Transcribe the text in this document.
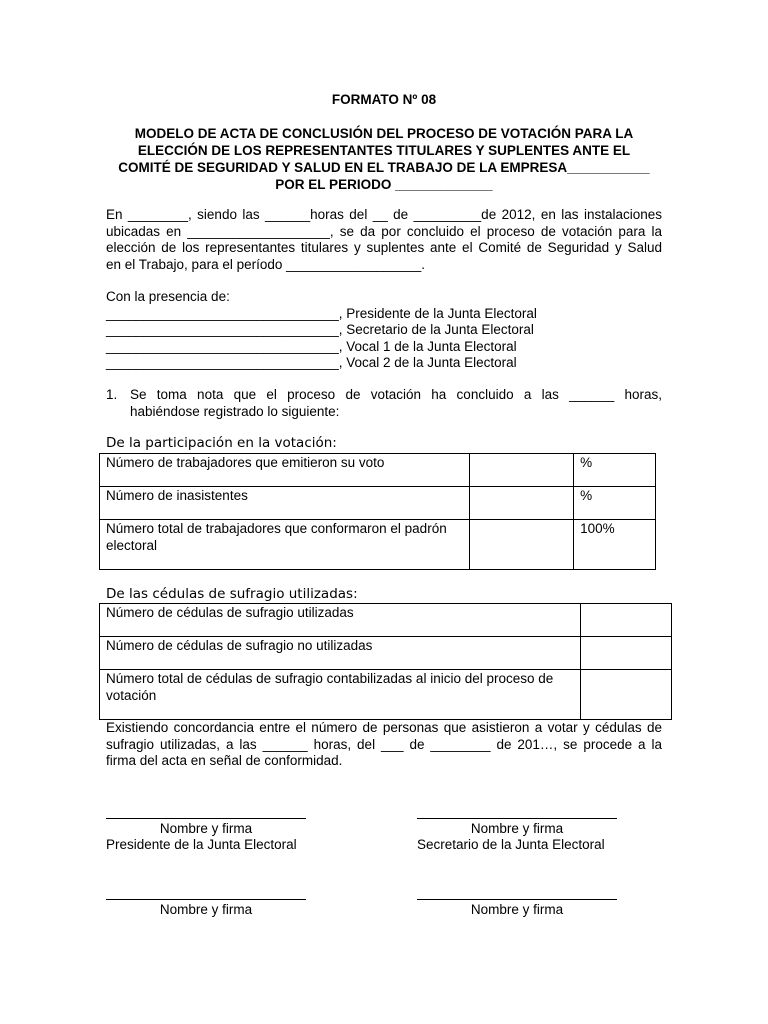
FORMATO Nº 08
MODELO DE ACTA DE CONCLUSIÓN DEL PROCESO DE VOTACIÓN PARA LA
ELECCIÓN DE LOS REPRESENTANTES TITULARES Y SUPLENTES ANTE EL
COMITÉ DE SEGURIDAD Y SALUD EN EL TRABAJO DE LA EMPRESA___________
POR EL PERIODO _____________
En ________, siendo las ______horas del __ de _________de 2012, en las instalaciones
ubicadas en ___________________, se da por concluido el proceso de votación para la
elección de los representantes titulares y suplentes ante el Comité de Seguridad y Salud
en el Trabajo, para el período __________________.
Con la presencia de:
_______________________________, Presidente de la Junta Electoral
_______________________________, Secretario de la Junta Electoral
_______________________________, Vocal 1 de la Junta Electoral
_______________________________, Vocal 2 de la Junta Electoral
1. Se toma nota que el proceso de votación ha concluido a las ______ horas,
habiéndose registrado lo siguiente:
De la participación en la votación:
Número de trabajadores que emitieron su voto		%
Número de inasistentes		%
Número total de trabajadores que conformaron el padrón electoral		100%
De las cédulas de sufragio utilizadas:
Número de cédulas de sufragio utilizadas	
Número de cédulas de sufragio no utilizadas	
Número total de cédulas de sufragio contabilizadas al inicio del proceso de votación	
Existiendo concordancia entre el número de personas que asistieron a votar y cédulas de
sufragio utilizadas, a las ______ horas, del ___ de ________ de 201…, se procede a la
firma del acta en señal de conformidad.
Nombre y firma
Presidente de la Junta Electoral
Nombre y firma
Secretario de la Junta Electoral
Nombre y firma	Nombre y firma
